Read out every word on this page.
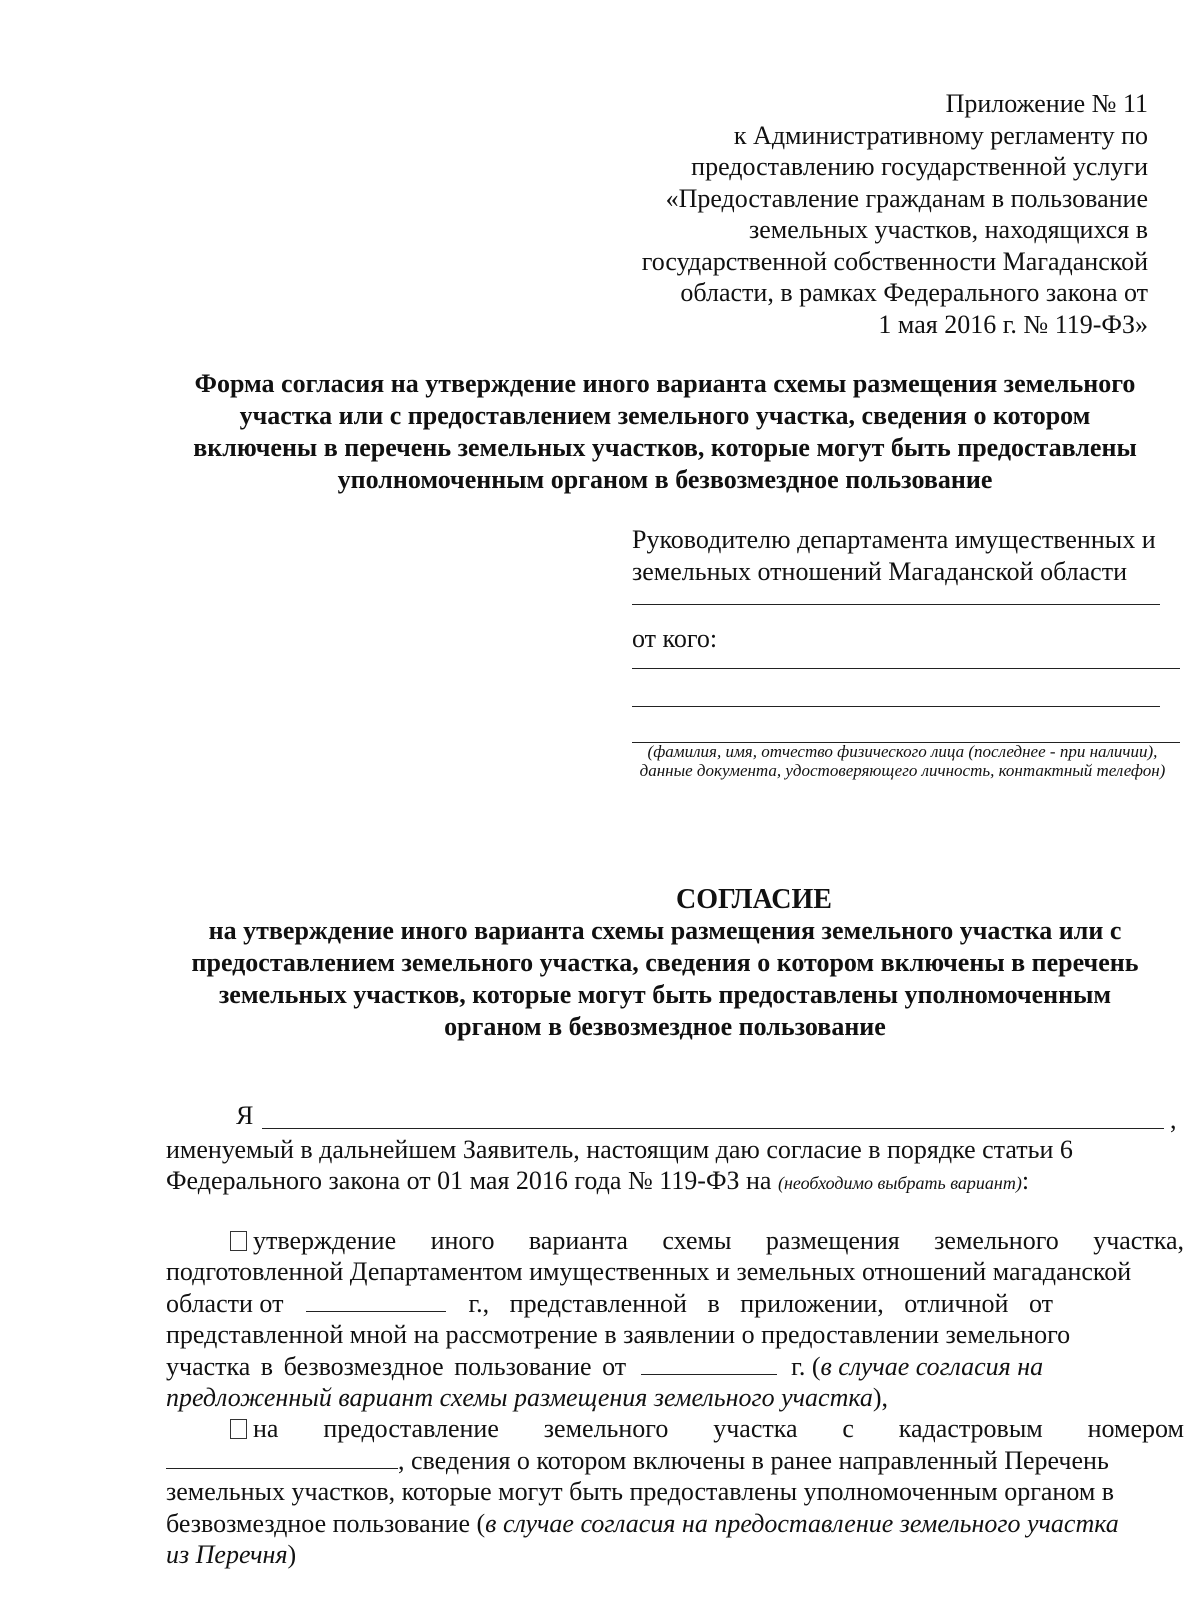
Приложение № 11
к Административному регламенту по
предоставлению государственной услуги
«Предоставление гражданам в пользование
земельных участков, находящихся в
государственной собственности Магаданской
области, в рамках Федерального закона от
1 мая 2016 г. № 119-ФЗ»
Форма согласия на утверждение иного варианта схемы размещения земельного
участка или с предоставлением земельного участка, сведения о котором
включены в перечень земельных участков, которые могут быть предоставлены
уполномоченным органом в безвозмездное пользование
Руководителю департамента имущественных и
земельных отношений Магаданской области
от кого:
(фамилия, имя, отчество физического лица (последнее - при наличии), данные документа, удостоверяющего личность, контактный телефон)
СОГЛАСИЕ
на утверждение иного варианта схемы размещения земельного участка или с
предоставлением земельного участка, сведения о котором включены в перечень
земельных участков, которые могут быть предоставлены уполномоченным
органом в безвозмездное пользование
Я	,
именуемый в дальнейшем Заявитель, настоящим даю согласие в порядке статьи 6
Федерального закона от 01 мая 2016 года № 119-ФЗ на (необходимо выбрать вариант):
утверждение иного варианта схемы размещения земельного участка,
подготовленной Департаментом имущественных и земельных отношений магаданской
области от	г., представленной в приложении, отличной от
представленной мной на рассмотрение в заявлении о предоставлении земельного
участка в безвозмездное пользование от	г. (в случае согласия на
предложенный вариант схемы размещения земельного участка),
на предоставление земельного участка с кадастровым номером
, сведения о котором включены в ранее направленный Перечень
земельных участков, которые могут быть предоставлены уполномоченным органом в
безвозмездное пользование (в случае согласия на предоставление земельного участка
из Перечня)
